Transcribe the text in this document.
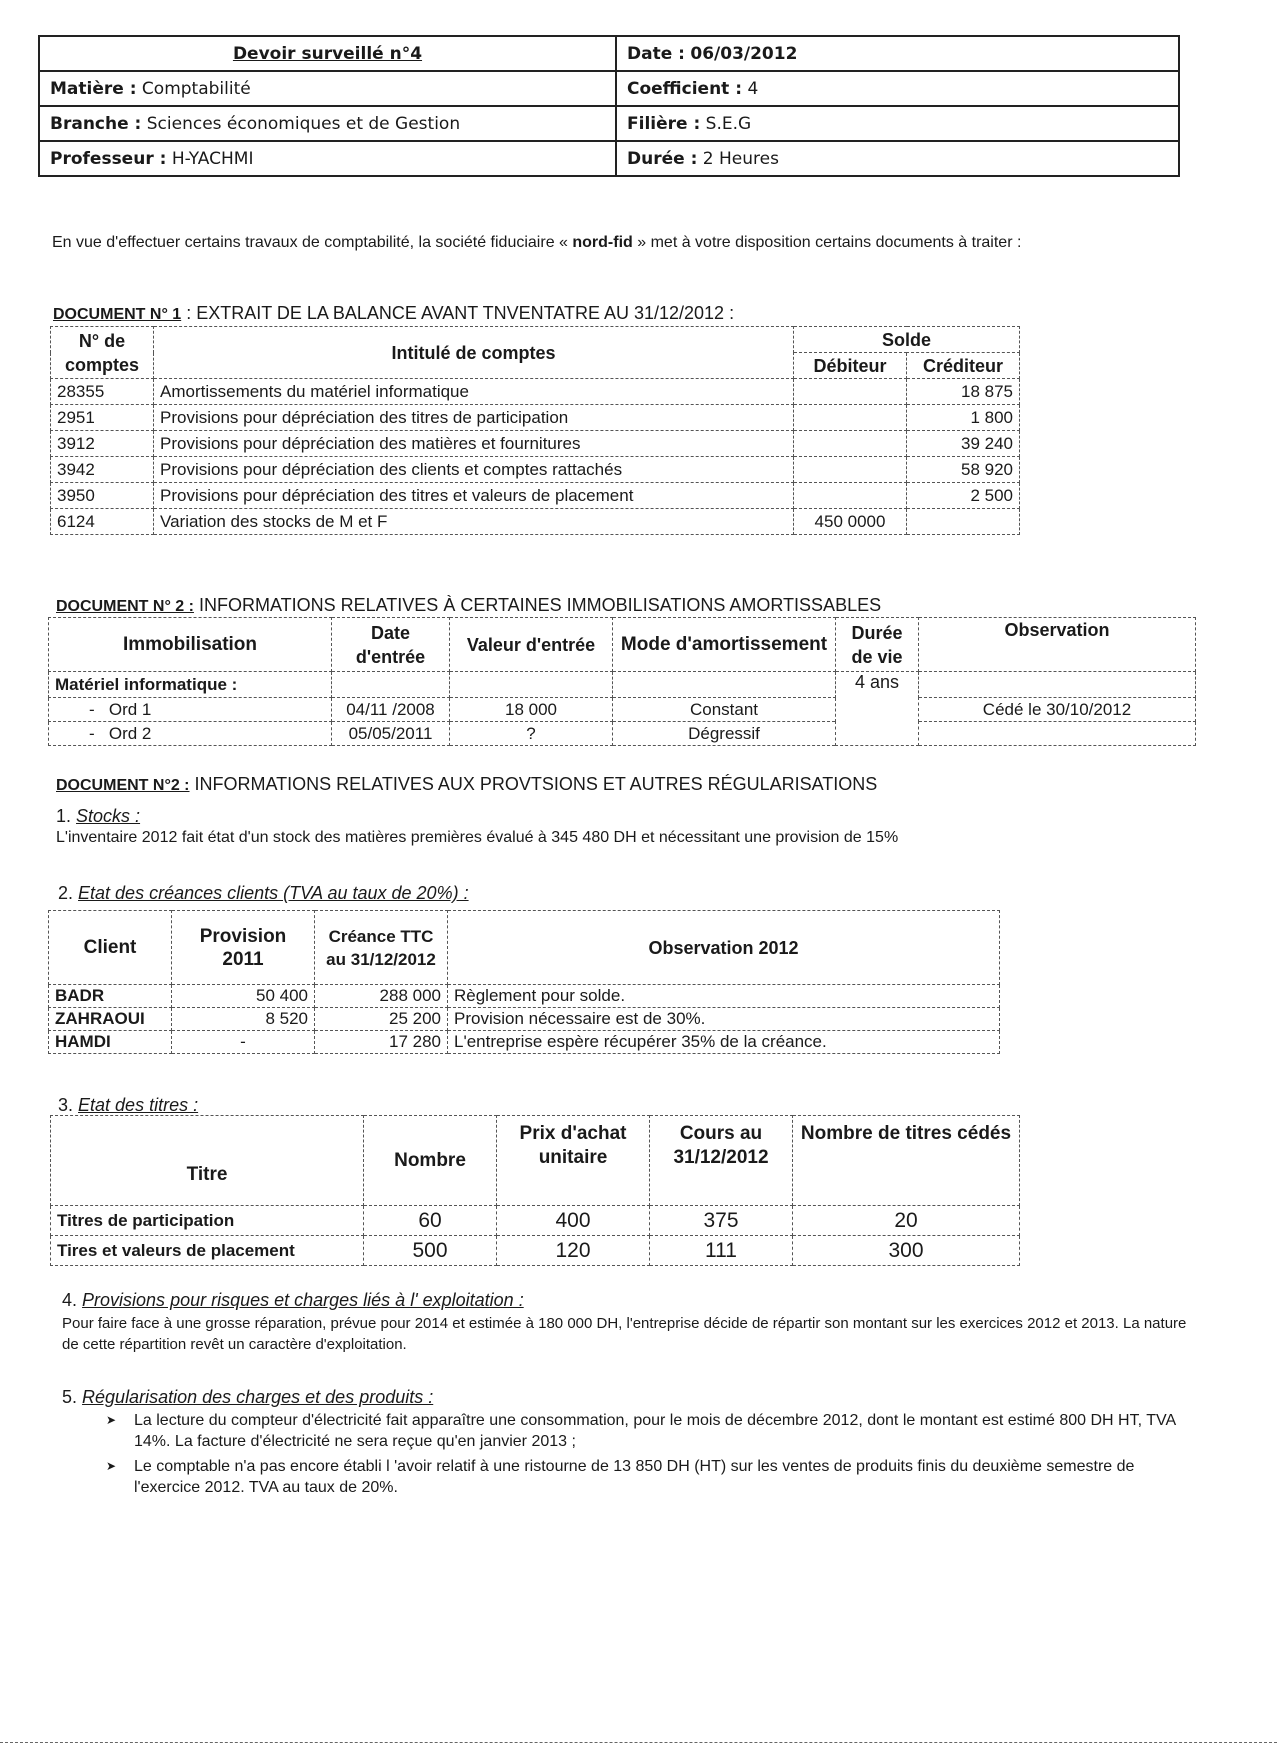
Devoir surveillé n°4	Date : 06/03/2012
Matière : Comptabilité	Coefficient : 4
Branche : Sciences économiques et de Gestion	Filière : S.E.G
Professeur : H-YACHMI	Durée : 2 Heures
En vue d'effectuer certains travaux de comptabilité, la société fiduciaire « nord-fid » met à votre disposition certains documents à traiter :
DOCUMENT N° 1 : EXTRAIT DE LA BALANCE AVANT TNVENTATRE AU 31/12/2012 :
N° de comptes	Intitulé de comptes	Solde	
		Débiteur	Créditeur
28355	Amortissements du matériel informatique		18 875
2951	Provisions pour dépréciation des titres de participation		1 800
3912	Provisions pour dépréciation des matières et fournitures		39 240
3942	Provisions pour dépréciation des clients et comptes rattachés		58 920
3950	Provisions pour dépréciation des titres et valeurs de placement		2 500
6124	Variation des stocks de M et F	450 0000	
DOCUMENT N° 2 : INFORMATIONS RELATIVES À CERTAINES IMMOBILISATIONS AMORTISSABLES
Immobilisation	Date d'entrée	Valeur d'entrée	Mode d'amortissement	Durée de vie	Observation
Matériel informatique :				4 ans	
-   Ord 1	04/11 /2008	18 000	Constant		Cédé le 30/10/2012
-   Ord 2	05/05/2011	?	Dégressif		
DOCUMENT N°2 : INFORMATIONS RELATIVES AUX PROVTSIONS ET AUTRES RÉGULARISATIONS
1. Stocks :
L'inventaire 2012 fait état d'un stock des matières premières évalué à 345 480 DH et nécessitant une provision de 15%
2. Etat des créances clients (TVA au taux de 20%) :
Client	Provision 2011	Créance TTC au 31/12/2012	Observation 2012
BADR	50 400	288 000	Règlement pour solde.
ZAHRAOUI	8 520	25 200	Provision nécessaire est de 30%.
HAMDI	-	17 280	L'entreprise espère récupérer 35% de la créance.
3. Etat des titres :
Titre	Nombre	Prix d'achat unitaire	Cours au 31/12/2012	Nombre de titres cédés
Titres de participation	60	400	375	20
Tires et valeurs de placement	500	120	111	300
4. Provisions pour risques et charges liés à l' exploitation :
Pour faire face à une grosse réparation, prévue pour 2014 et estimée à 180 000 DH, l'entreprise décide de répartir son montant sur les exercices 2012 et 2013. La nature de cette répartition revêt un caractère d'exploitation.
5. Régularisation des charges et des produits :
➤ La lecture du compteur d'électricité fait apparaître une consommation, pour le mois de décembre 2012, dont le montant est estimé 800 DH HT, TVA 14%. La facture d'électricité ne sera reçue qu'en janvier 2013 ;
➤ Le comptable n'a pas encore établi l 'avoir relatif à une ristourne de 13 850 DH (HT) sur les ventes de produits finis du deuxième semestre de l'exercice 2012. TVA au taux de 20%.
